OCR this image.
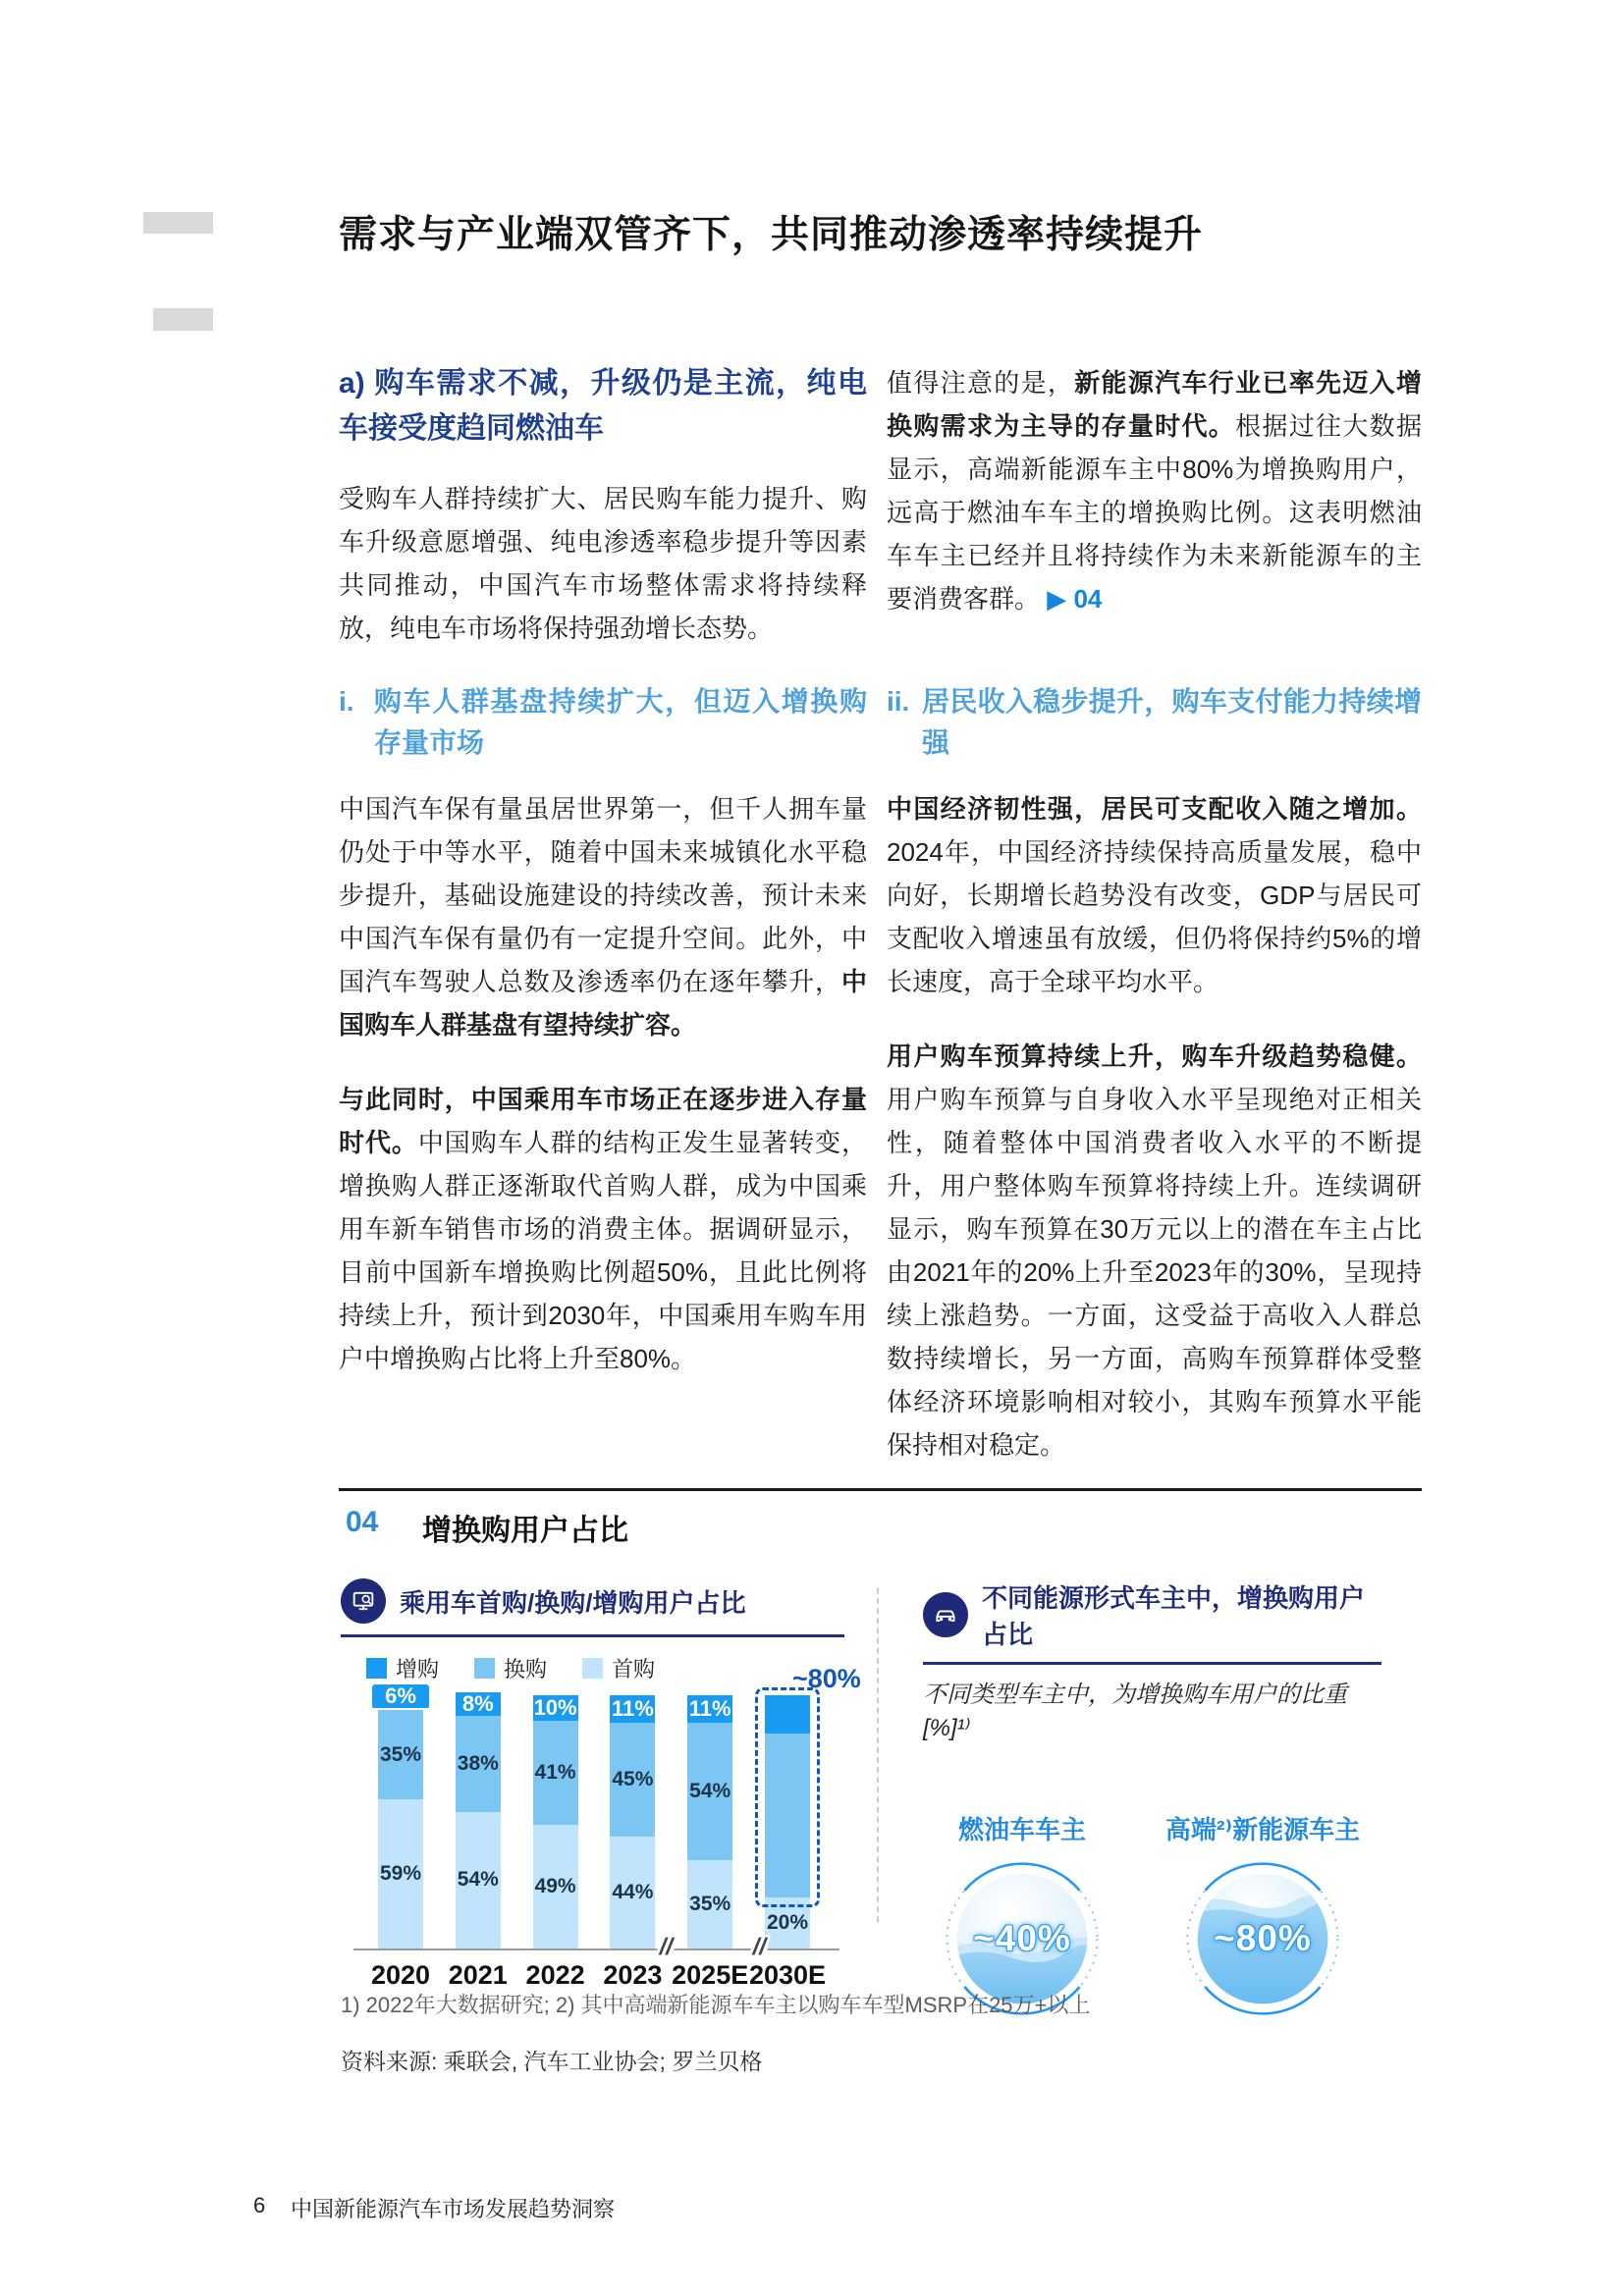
需求与产业端双管齐下，共同推动渗透率持续提升
a) 购车需求不减，升级仍是主流，纯电车接受度趋同燃油车

受购车人群持续扩大、居民购车能力提升、购车升级意愿增强、纯电渗透率稳步提升等因素共同推动，中国汽车市场整体需求将持续释放，纯电车市场将保持强劲增长态势。

i. 购车人群基盘持续扩大，但迈入增换购存量市场

中国汽车保有量虽居世界第一，但千人拥车量仍处于中等水平，随着中国未来城镇化水平稳步提升，基础设施建设的持续改善，预计未来中国汽车保有量仍有一定提升空间。此外，中国汽车驾驶人总数及渗透率仍在逐年攀升，中国购车人群基盘有望持续扩容。

与此同时，中国乘用车市场正在逐步进入存量时代。中国购车人群的结构正发生显著转变，增换购人群正逐渐取代首购人群，成为中国乘用车新车销售市场的消费主体。据调研显示，目前中国新车增换购比例超50%，且此比例将持续上升，预计到2030年，中国乘用车购车用户中增换购占比将上升至80%。

值得注意的是，新能源汽车行业已率先迈入增换购需求为主导的存量时代。根据过往大数据显示，高端新能源车主中80%为增换购用户，远高于燃油车车主的增换购比例。这表明燃油车车主已经并且将持续作为未来新能源车的主要消费客群。 ▶ 04

ii. 居民收入稳步提升，购车支付能力持续增强

中国经济韧性强，居民可支配收入随之增加。2024年，中国经济持续保持高质量发展，稳中向好，长期增长趋势没有改变，GDP与居民可支配收入增速虽有放缓，但仍将保持约5%的增长速度，高于全球平均水平。

用户购车预算持续上升，购车升级趋势稳健。用户购车预算与自身收入水平呈现绝对正相关性，随着整体中国消费者收入水平的不断提升，用户整体购车预算将持续上升。连续调研显示，购车预算在30万元以上的潜在车主占比由2021年的20%上升至2023年的30%，呈现持续上涨趋势。一方面，这受益于高收入人群总数持续增长，另一方面，高购车预算群体受整体经济环境影响相对较小，其购车预算水平能保持相对稳定。

04 增换购用户占比
乘用车首购/换购/增购用户占比
增购	换购	首购
6%
35%
59%
2020
8%
38%
54%
2021
10%
41%
49%
2022
11%
45%
44%
2023
11%
54%
35%
2025E
20%
2030E
//	//
~80%
不同能源形式车主中，增换购用户占比
不同类型车主中，为增换购车用户的比重[%]¹⁾
燃油车车主	高端²⁾新能源车主
~40%	~80%
1) 2022年大数据研究; 2) 其中高端新能源车车主以购车车型MSRP在25万+以上
资料来源: 乘联会, 汽车工业协会; 罗兰贝格
6 中国新能源汽车市场发展趋势洞察
